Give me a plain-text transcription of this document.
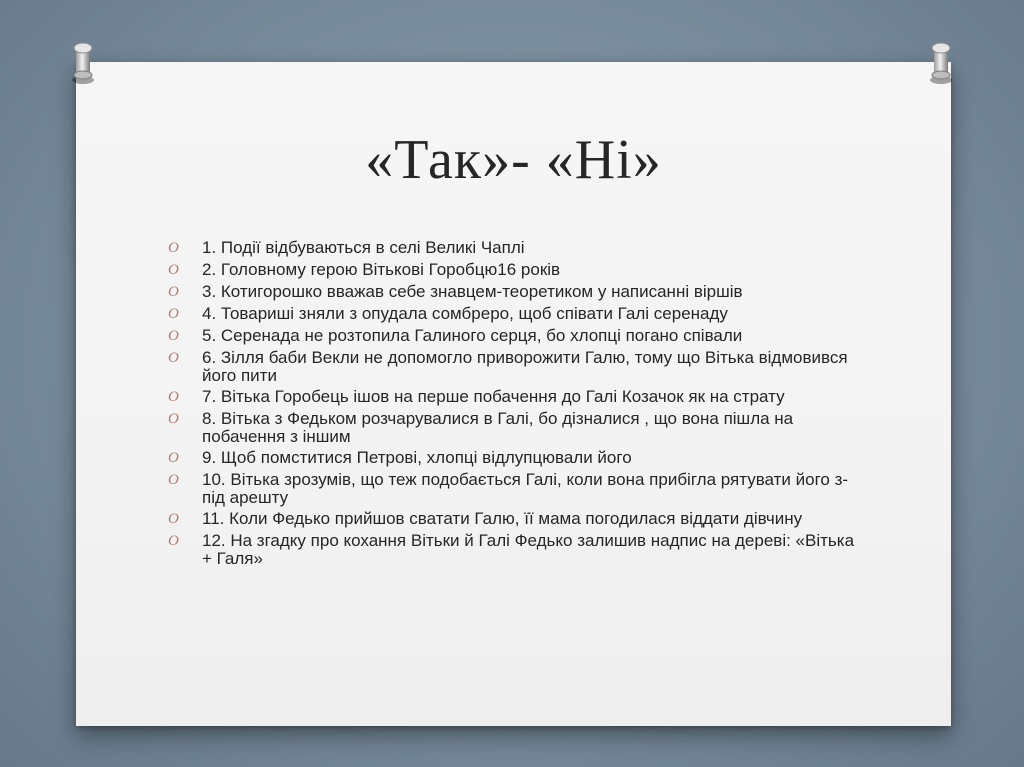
«Так»- «Ні»
O	1. Події відбуваються в селі Великі Чаплі
O	2. Головному герою Вітькові Горобцю16 років
O	3. Котигорошко вважав себе знавцем-теоретиком у написанні віршів
O	4. Товариші зняли з опудала сомбреро, щоб співати Галі серенаду
O	5. Серенада не розтопила Галиного серця, бо хлопці погано співали
O	6. Зілля баби Векли не допомогло приворожити Галю, тому що Вітька відмовився його пити
O	7. Вітька Горобець ішов на перше побачення до Галі Козачок як на страту
O	8. Вітька з Федьком розчарувалися в Галі, бо дізналися , що вона пішла на побачення з іншим
O	9. Щоб помститися Петрові, хлопці відлупцювали його
O	10. Вітька зрозумів, що теж подобається Галі, коли вона прибігла рятувати його з-під арешту
O	11. Коли Федько прийшов сватати Галю, її мама погодилася віддати дівчину
O	12. На згадку про кохання Вітьки й Галі Федько залишив надпис на дереві: «Вітька + Галя»
